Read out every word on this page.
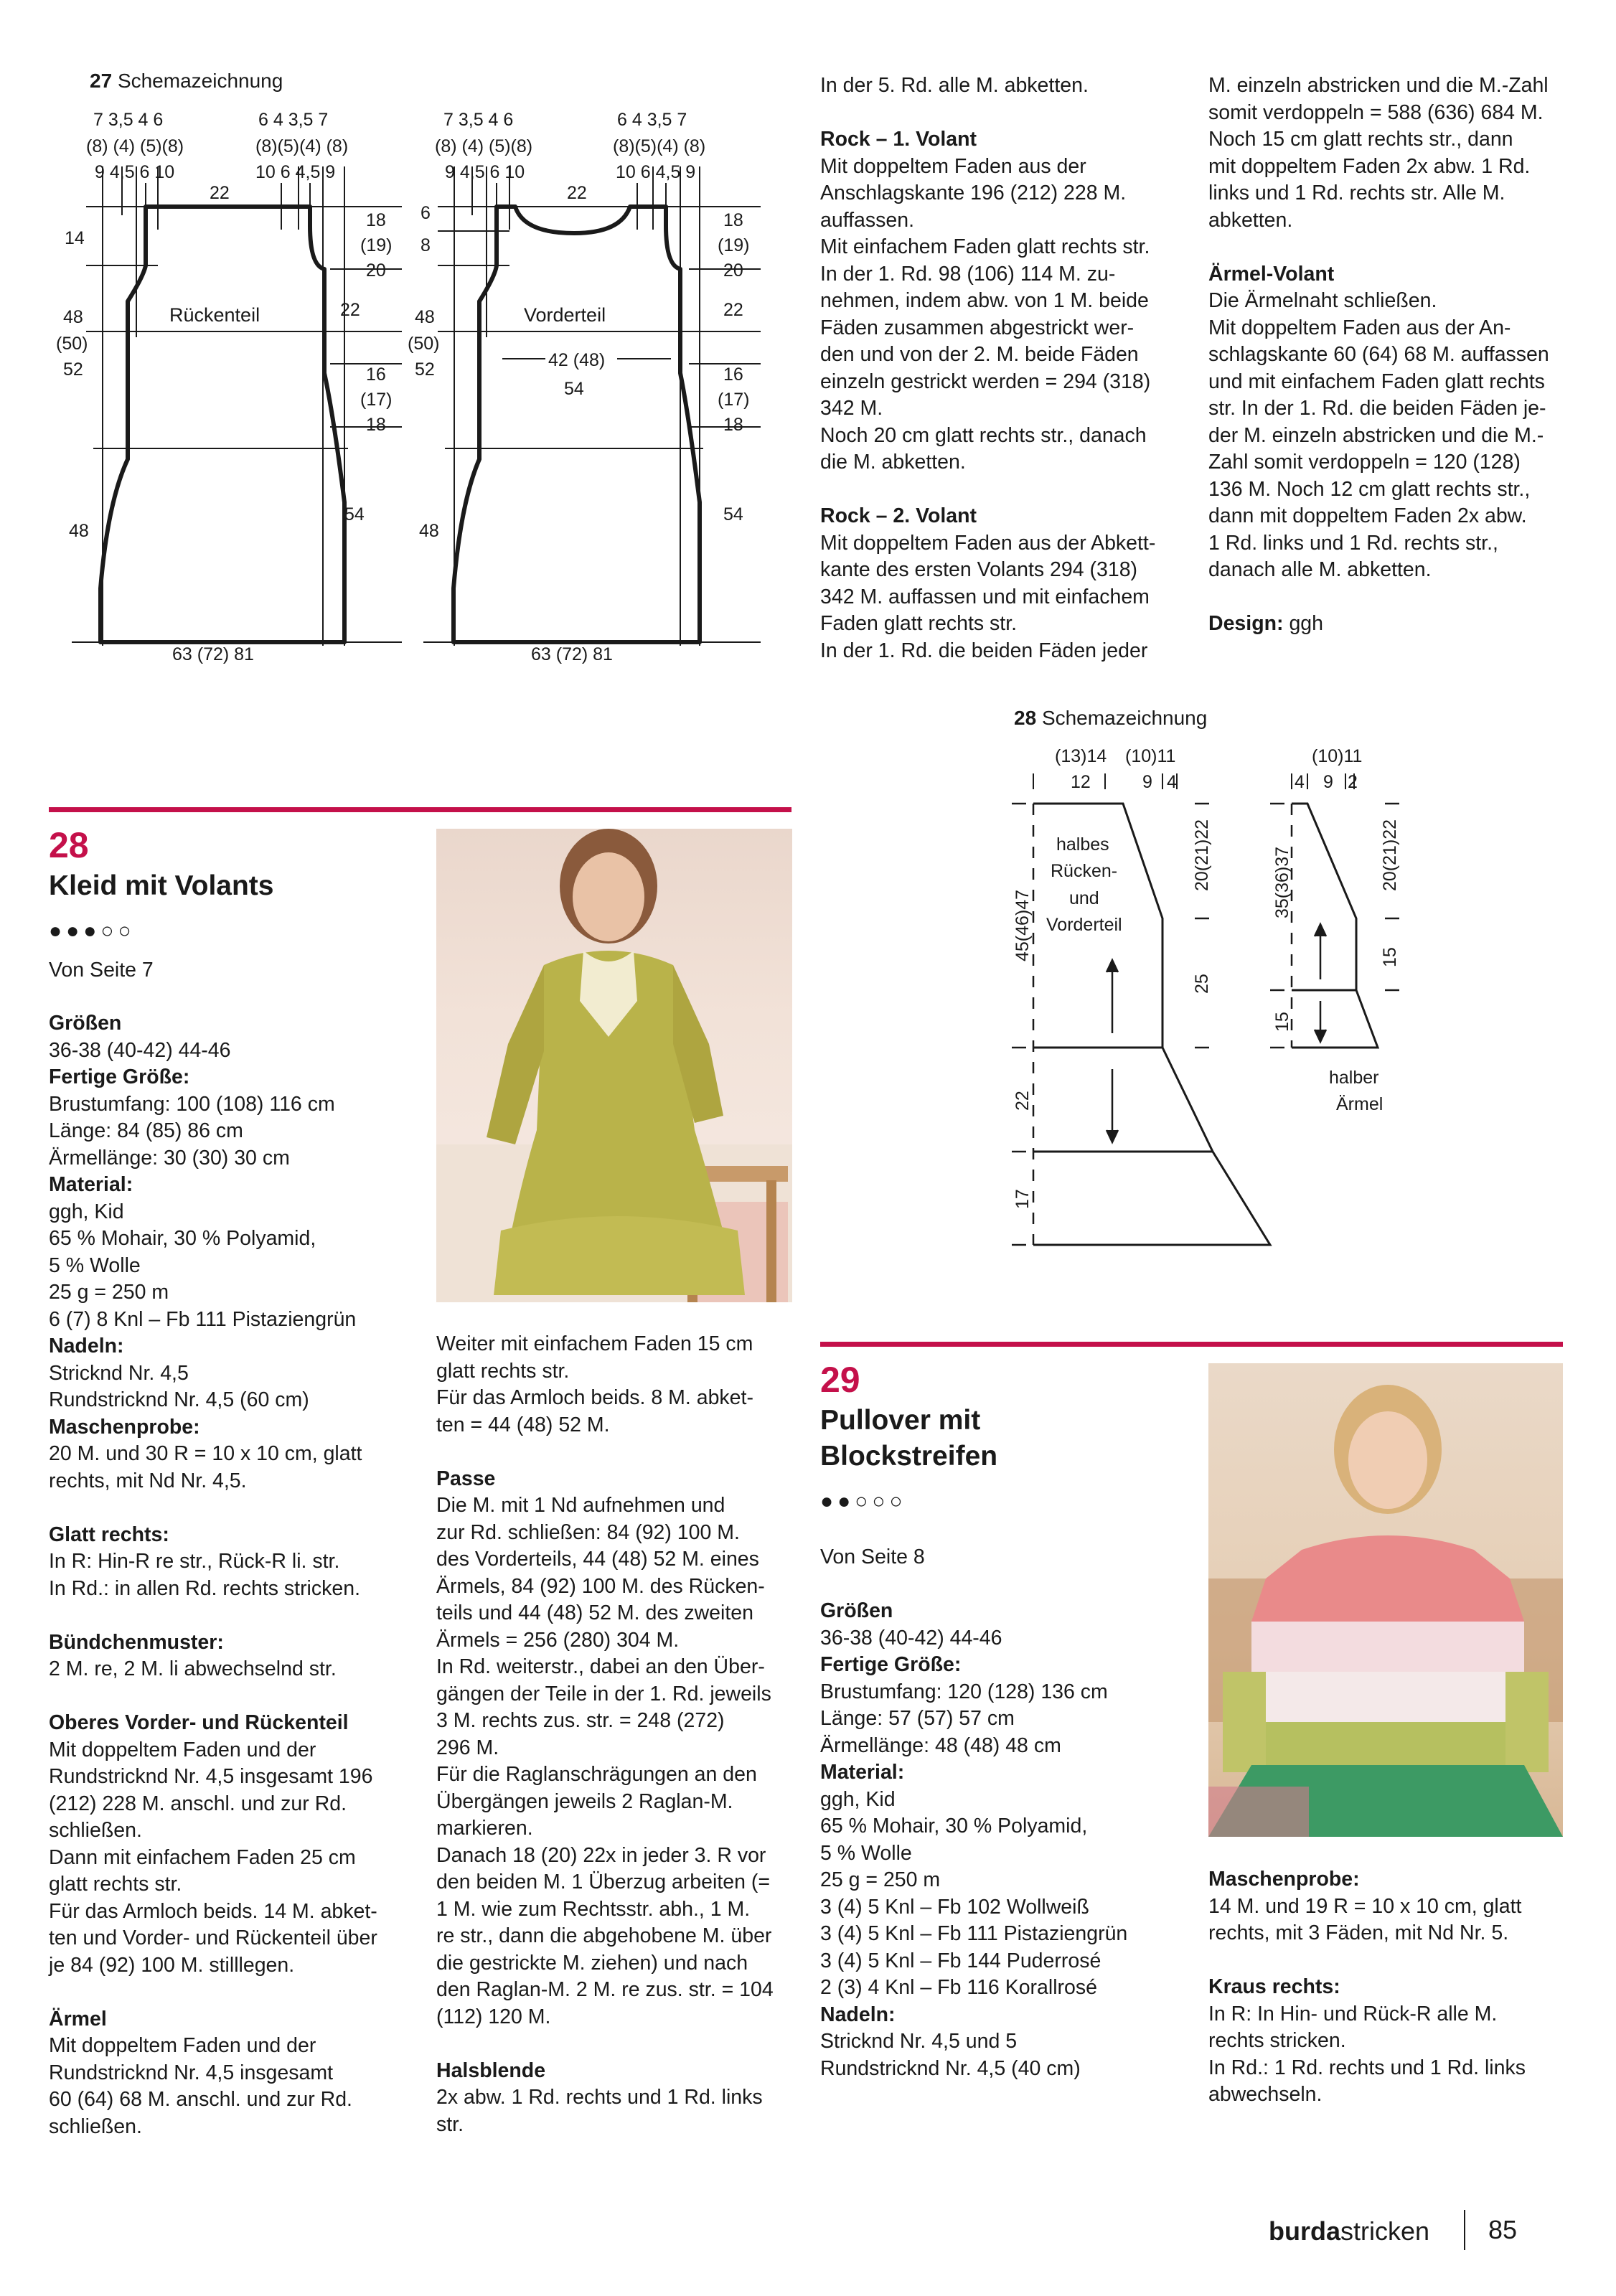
27 Schemazeichnung
7 3,5 4 6
(8) (4) (5)(8)
9 4,5 6 10
6 4 3,5 7
(8)(5)(4) (8)
10 6 4,5 9
22
14
48
(50)
52
48
18
(19)
20
22
16
(17)
18
54
Rückenteil
63 (72) 81
7 3,5 4 6
(8) (4) (5)(8)
9 4,5 6 10
6 4 3,5 7
(8)(5)(4) (8)
10 6 4,5 9
22
6
8
48
(50)
52
48
18
(19)
20
22
16
(17)
18
54
Vorderteil
42 (48)
54
63 (72) 81
In der 5. Rd. alle M. abketten.
Rock – 1. Volant
Mit doppeltem Faden aus der
Anschlagskante 196 (212) 228 M.
auffassen.
Mit einfachem Faden glatt rechts str.
In der 1. Rd. 98 (106) 114 M. zu-
nehmen, indem abw. von 1 M. beide
Fäden zusammen abgestrickt wer-
den und von der 2. M. beide Fäden
einzeln gestrickt werden = 294 (318)
342 M.
Noch 20 cm glatt rechts str., danach
die M. abketten.
Rock – 2. Volant
Mit doppeltem Faden aus der Abkett-
kante des ersten Volants 294 (318)
342 M. auffassen und mit einfachem
Faden glatt rechts str.
In der 1. Rd. die beiden Fäden jeder
M. einzeln abstricken und die M.-Zahl
somit verdoppeln = 588 (636) 684 M.
Noch 15 cm glatt rechts str., dann
mit doppeltem Faden 2x abw. 1 Rd.
links und 1 Rd. rechts str. Alle M.
abketten.
Ärmel-Volant
Die Ärmelnaht schließen.
Mit doppeltem Faden aus der An-
schlagskante 60 (64) 68 M. auffassen
und mit einfachem Faden glatt rechts
str. In der 1. Rd. die beiden Fäden je-
der M. einzeln abstricken und die M.-
Zahl somit verdoppeln = 120 (128)
136 M. Noch 12 cm glatt rechts str.,
dann mit doppeltem Faden 2x abw.
1 Rd. links und 1 Rd. rechts str.,
danach alle M. abketten.
Design: ggh
28 Schemazeichnung
(13)14 (10)11
12	9 4
halbes
Rücken-
und
Vorderteil
45(46)47
22
17
20(21)22
25
(10)11
4 9 2
35(36)37
15
20(21)22
15
halber
Ärmel
28
Kleid mit Volants
●●●○○
Von Seite 7
Größen
36-38 (40-42) 44-46
Fertige Größe:
Brustumfang: 100 (108) 116 cm
Länge: 84 (85) 86 cm
Ärmellänge: 30 (30) 30 cm
Material:
ggh, Kid
65 % Mohair, 30 % Polyamid,
5 % Wolle
25 g = 250 m
6 (7) 8 Knl – Fb 111 Pistaziengrün
Nadeln:
Stricknd Nr. 4,5
Rundstricknd Nr. 4,5 (60 cm)
Maschenprobe:
20 M. und 30 R = 10 x 10 cm, glatt
rechts, mit Nd Nr. 4,5.
Glatt rechts:
In R: Hin-R re str., Rück-R li. str.
In Rd.: in allen Rd. rechts stricken.
Bündchenmuster:
2 M. re, 2 M. li abwechselnd str.
Oberes Vorder- und Rückenteil
Mit doppeltem Faden und der
Rundstricknd Nr. 4,5 insgesamt 196
(212) 228 M. anschl. und zur Rd.
schließen.
Dann mit einfachem Faden 25 cm
glatt rechts str.
Für das Armloch beids. 14 M. abket-
ten und Vorder- und Rückenteil über
je 84 (92) 100 M. stilllegen.
Ärmel
Mit doppeltem Faden und der
Rundstricknd Nr. 4,5 insgesamt
60 (64) 68 M. anschl. und zur Rd.
schließen.
Weiter mit einfachem Faden 15 cm
glatt rechts str.
Für das Armloch beids. 8 M. abket-
ten = 44 (48) 52 M.
Passe
Die M. mit 1 Nd aufnehmen und
zur Rd. schließen: 84 (92) 100 M.
des Vorderteils, 44 (48) 52 M. eines
Ärmels, 84 (92) 100 M. des Rücken-
teils und 44 (48) 52 M. des zweiten
Ärmels = 256 (280) 304 M.
In Rd. weiterstr., dabei an den Über-
gängen der Teile in der 1. Rd. jeweils
3 M. rechts zus. str. = 248 (272)
296 M.
Für die Raglanschrägungen an den
Übergängen jeweils 2 Raglan-M.
markieren.
Danach 18 (20) 22x in jeder 3. R vor
den beiden M. 1 Überzug arbeiten (=
1 M. wie zum Rechtsstr. abh., 1 M.
re str., dann die abgehobene M. über
die gestrickte M. ziehen) und nach
den Raglan-M. 2 M. re zus. str. = 104
(112) 120 M.
Halsblende
2x abw. 1 Rd. rechts und 1 Rd. links
str.
29
Pullover mit
Blockstreifen
●●○○○
Von Seite 8
Größen
36-38 (40-42) 44-46
Fertige Größe:
Brustumfang: 120 (128) 136 cm
Länge: 57 (57) 57 cm
Ärmellänge: 48 (48) 48 cm
Material:
ggh, Kid
65 % Mohair, 30 % Polyamid,
5 % Wolle
25 g = 250 m
3 (4) 5 Knl – Fb 102 Wollweiß
3 (4) 5 Knl – Fb 111 Pistaziengrün
3 (4) 5 Knl – Fb 144 Puderrosé
2 (3) 4 Knl – Fb 116 Korallrosé
Nadeln:
Stricknd Nr. 4,5 und 5
Rundstricknd Nr. 4,5 (40 cm)
Maschenprobe:
14 M. und 19 R = 10 x 10 cm, glatt
rechts, mit 3 Fäden, mit Nd Nr. 5.
Kraus rechts:
In R: In Hin- und Rück-R alle M.
rechts stricken.
In Rd.: 1 Rd. rechts und 1 Rd. links
abwechseln.
burdastricken 85
